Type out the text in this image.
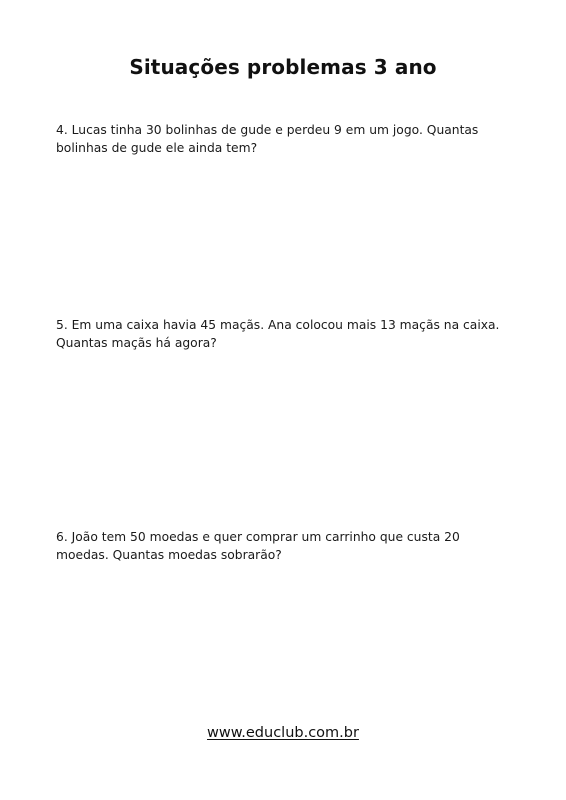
Situações problemas 3 ano

4. Lucas tinha 30 bolinhas de gude e perdeu 9 em um jogo. Quantas bolinhas de gude ele ainda tem?

5. Em uma caixa havia 45 maçãs. Ana colocou mais 13 maçãs na caixa. Quantas maçãs há agora?

6. João tem 50 moedas e quer comprar um carrinho que custa 20 moedas. Quantas moedas sobrarão?

www.educlub.com.br
